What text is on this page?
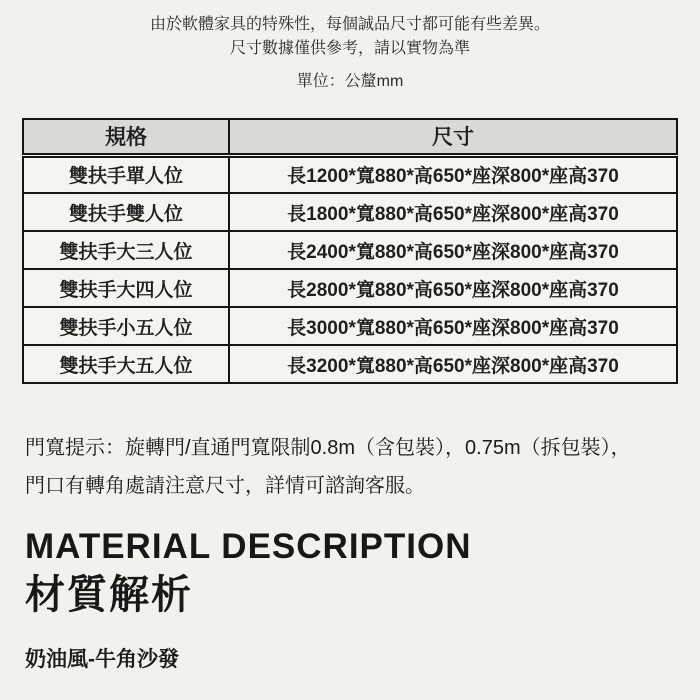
由於軟體家具的特殊性，每個誠品尺寸都可能有些差異。
尺寸數據僅供參考，請以實物為準
單位：公釐mm
規格	尺寸
雙扶手單人位	長1200*寬880*高650*座深800*座高370
雙扶手雙人位	長1800*寬880*高650*座深800*座高370
雙扶手大三人位	長2400*寬880*高650*座深800*座高370
雙扶手大四人位	長2800*寬880*高650*座深800*座高370
雙扶手小五人位	長3000*寬880*高650*座深800*座高370
雙扶手大五人位	長3200*寬880*高650*座深800*座高370
門寬提示：旋轉門/直通門寬限制0.8m（含包裝），0.75m（拆包裝），
門口有轉角處請注意尺寸，詳情可諮詢客服。
MATERIAL DESCRIPTION
材質解析
奶油風-牛角沙發
